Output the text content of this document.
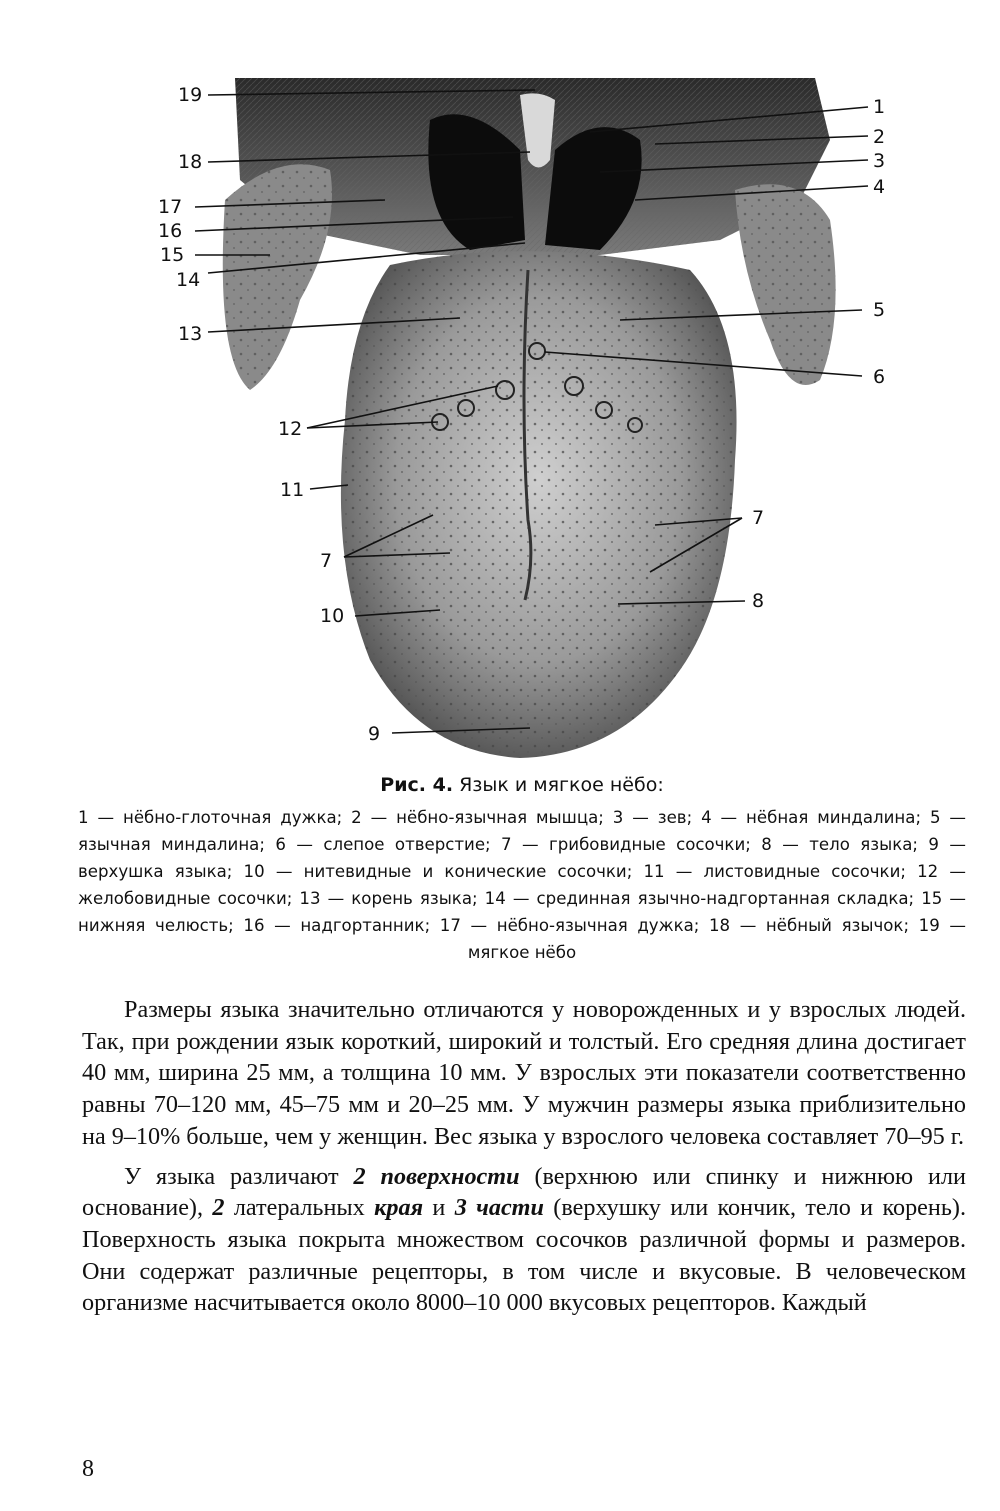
19
18
17
16
15
14
13
12
11
7
10
9
1
2
3
4
5
6
7
8

Рис. 4. Язык и мягкое нёбо:

1 — нёбно-глоточная дужка; 2 — нёбно-язычная мышца; 3 — зев; 4 — нёбная миндалина; 5 — язычная миндалина; 6 — слепое отверстие; 7 — грибовидные сосочки; 8 — тело языка; 9 — верхушка языка; 10 — нитевидные и конические сосочки; 11 — листовидные сосочки; 12 — желобовидные сосочки; 13 — корень языка; 14 — срединная язычно-надгортанная складка; 15 — нижняя челюсть; 16 — надгортанник; 17 — нёбно-язычная дужка; 18 — нёбный язычок; 19 — мягкое нёбо

Размеры языка значительно отличаются у новорожденных и у взрослых людей. Так, при рождении язык короткий, широкий и толстый. Его средняя длина достигает 40 мм, ширина 25 мм, а толщина 10 мм. У взрослых эти показатели соответственно равны 70–120 мм, 45–75 мм и 20–25 мм. У мужчин размеры языка приблизительно на 9–10% больше, чем у женщин. Вес языка у взрослого человека составляет 70–95 г.

У языка различают 2 поверхности (верхнюю или спинку и нижнюю или основание), 2 латеральных края и 3 части (верхушку или кончик, тело и корень). Поверхность языка покрыта множеством сосочков различной формы и размеров. Они содержат различные рецепторы, в том числе и вкусовые. В человеческом организме насчитывается около 8000–10 000 вкусовых рецепторов. Каждый

8
